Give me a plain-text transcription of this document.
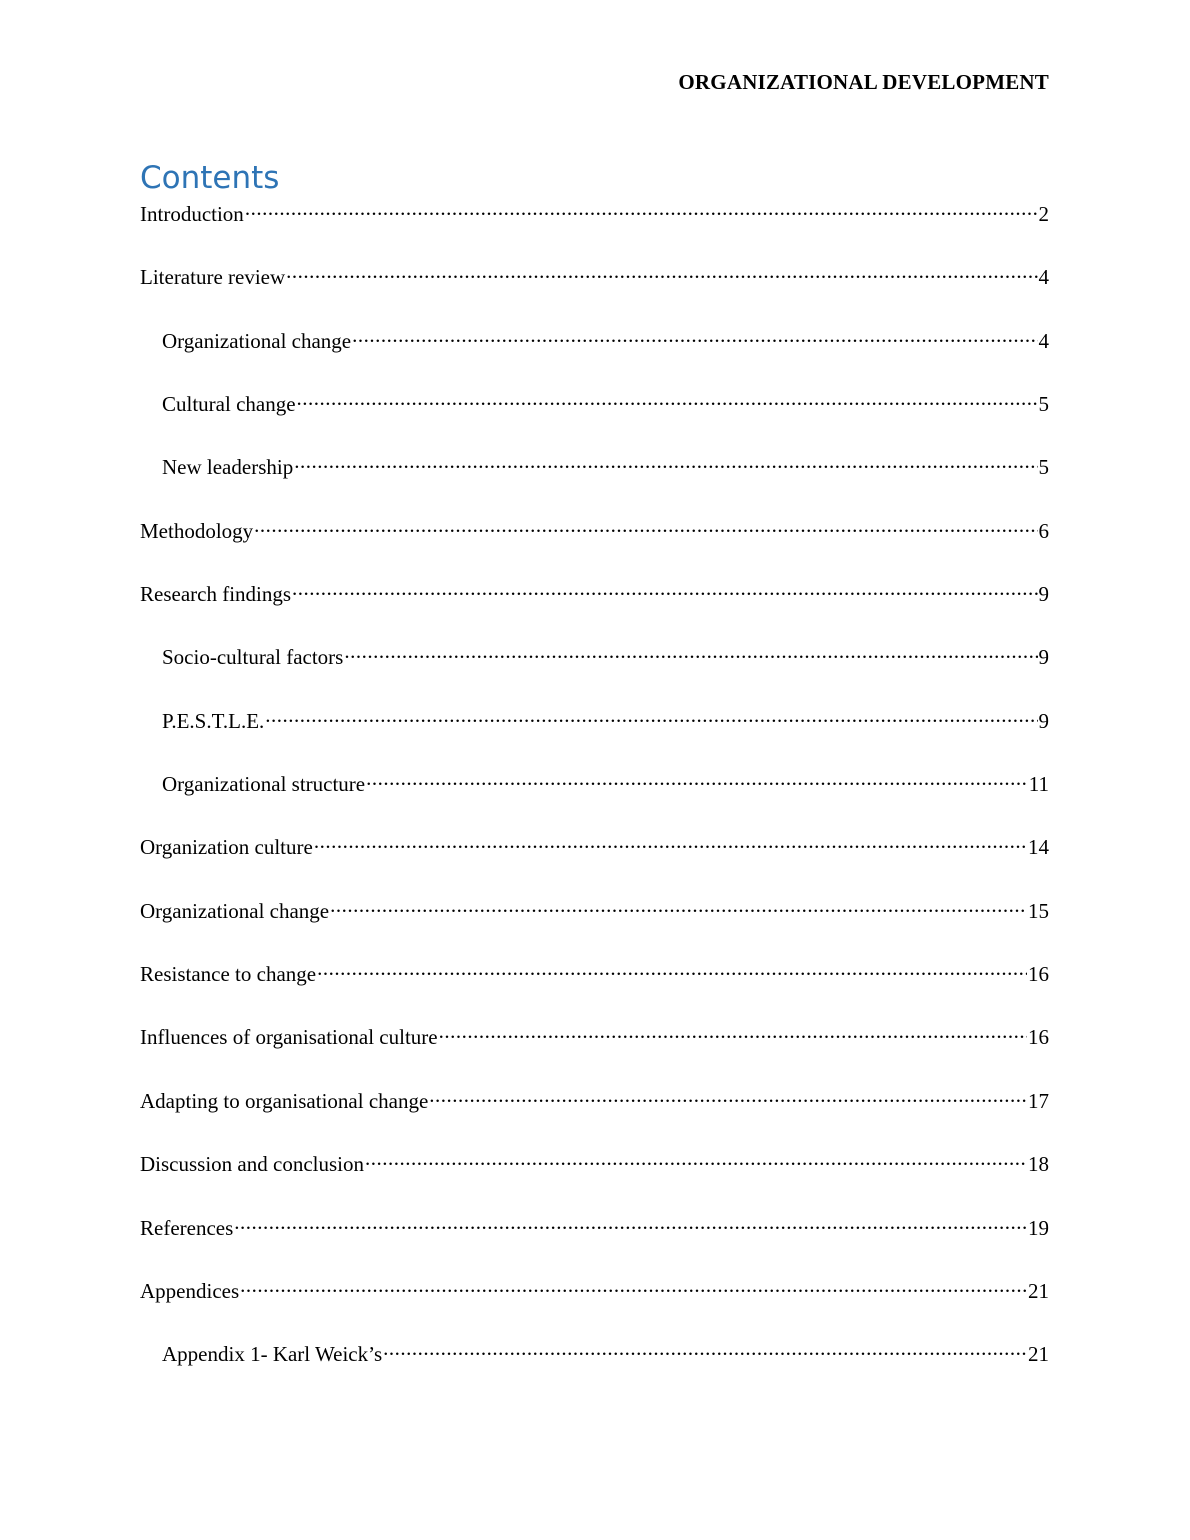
ORGANIZATIONAL DEVELOPMENT
Contents
Introduction .....	2
Literature review .....	4
Organizational change .....	4
Cultural change .....	5
New leadership .....	5
Methodology .....	6
Research findings .....	9
Socio-cultural factors .....	9
P.E.S.T.L.E. .....	9
Organizational structure .....	11
Organization culture .....	14
Organizational change .....	15
Resistance to change .....	16
Influences of organisational culture .....	16
Adapting to organisational change .....	17
Discussion and conclusion .....	18
References .....	19
Appendices .....	21
Appendix 1- Karl Weick’s .....	21
